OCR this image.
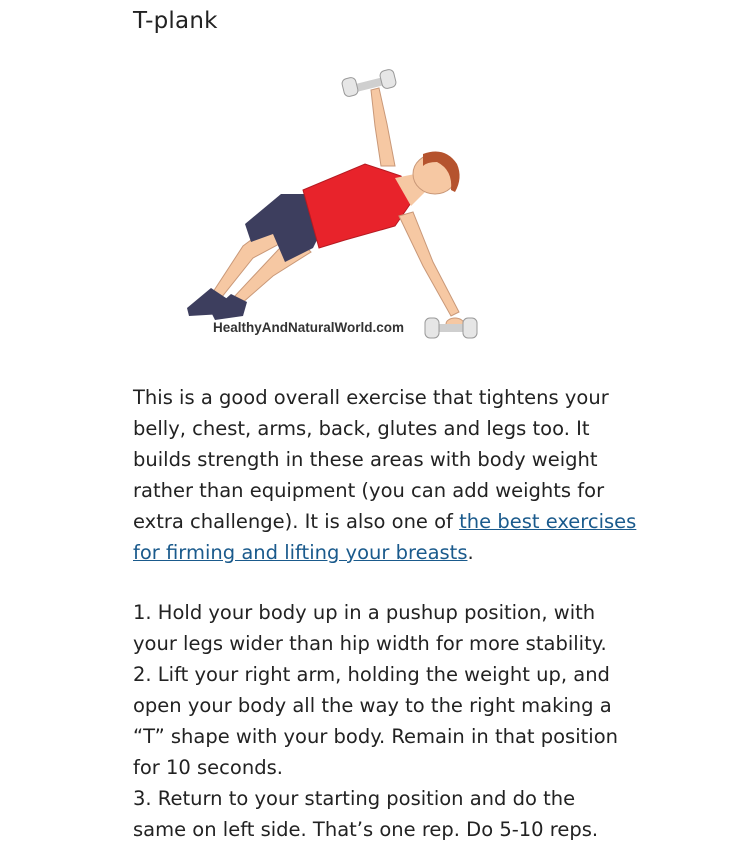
T-plank
HealthyAndNaturalWorld.com

This is a good overall exercise that tightens your
belly, chest, arms, back, glutes and legs too. It
builds strength in these areas with body weight
rather than equipment (you can add weights for
extra challenge). It is also one of the best exercises
for firming and lifting your breasts.

1. Hold your body up in a pushup position, with
your legs wider than hip width for more stability.
2. Lift your right arm, holding the weight up, and
open your body all the way to the right making a
“T” shape with your body. Remain in that position
for 10 seconds.
3. Return to your starting position and do the
same on left side. That’s one rep. Do 5-10 reps.
